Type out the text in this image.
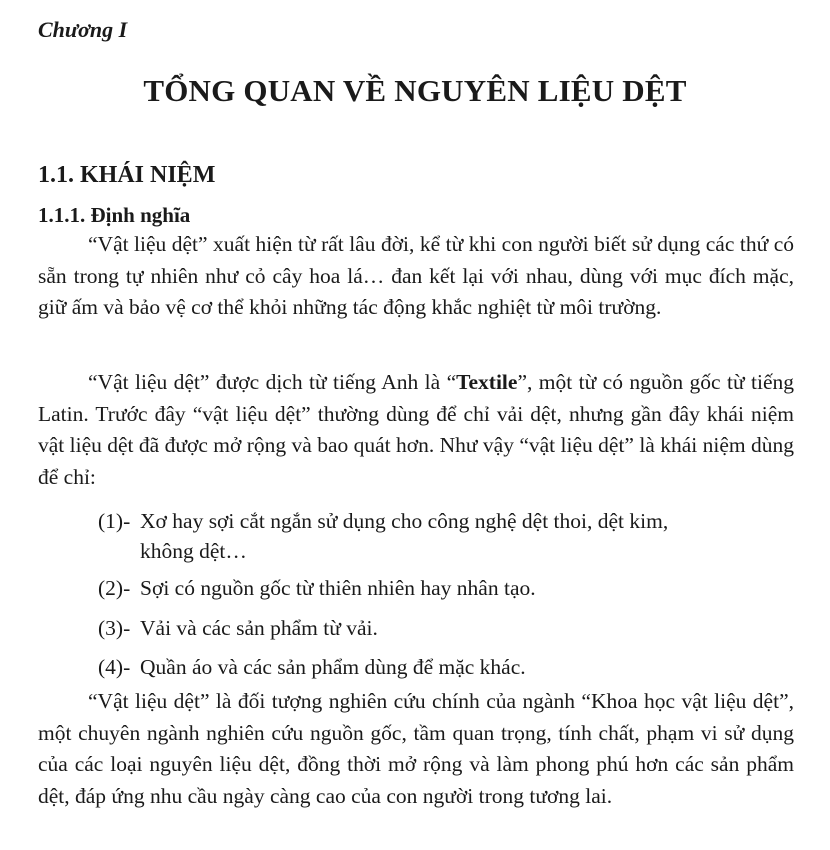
Chương I
TỔNG QUAN VỀ NGUYÊN LIỆU DỆT
1.1. KHÁI NIỆM
1.1.1. Định nghĩa

“Vật liệu dệt” xuất hiện từ rất lâu đời, kể từ khi con người biết sử dụng các thứ có sẵn trong tự nhiên như cỏ cây hoa lá… đan kết lại với nhau, dùng với mục đích mặc, giữ ấm và bảo vệ cơ thể khỏi những tác động khắc nghiệt từ môi trường.

“Vật liệu dệt” được dịch từ tiếng Anh là “Textile”, một từ có nguồn gốc từ tiếng Latin. Trước đây “vật liệu dệt” thường dùng để chỉ vải dệt, nhưng gần đây khái niệm vật liệu dệt đã được mở rộng và bao quát hơn. Như vậy “vật liệu dệt” là khái niệm dùng để chỉ:

(1)- Xơ hay sợi cắt ngắn sử dụng cho công nghệ dệt thoi, dệt kim,
không dệt…

(2)- Sợi có nguồn gốc từ thiên nhiên hay nhân tạo.

(3)- Vải và các sản phẩm từ vải.

(4)- Quần áo và các sản phẩm dùng để mặc khác.

“Vật liệu dệt” là đối tượng nghiên cứu chính của ngành “Khoa học vật liệu dệt”, một chuyên ngành nghiên cứu nguồn gốc, tầm quan trọng, tính chất, phạm vi sử dụng của các loại nguyên liệu dệt, đồng thời mở rộng và làm phong phú hơn các sản phẩm dệt, đáp ứng nhu cầu ngày càng cao của con người trong tương lai.
